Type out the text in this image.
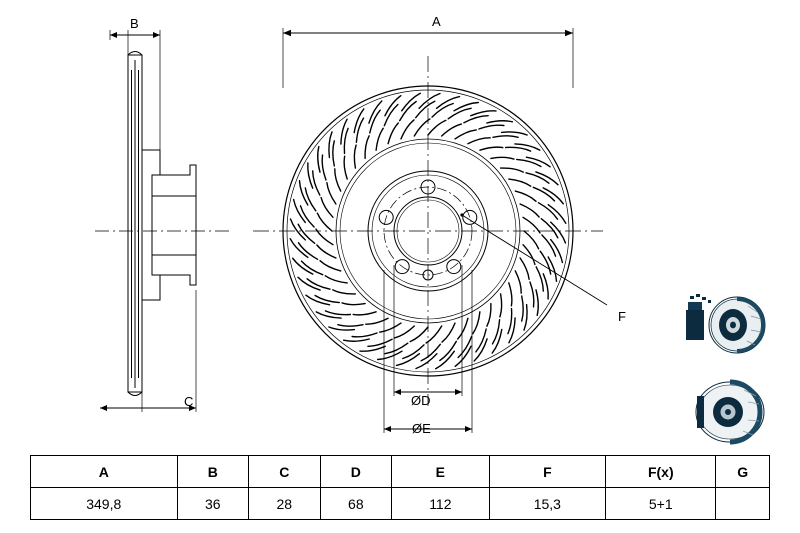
B
C
A
F
ØD
ØE
A	B	C	D	E	F	F(x)	G
349,8	36	28	68	112	15,3	5+1	
